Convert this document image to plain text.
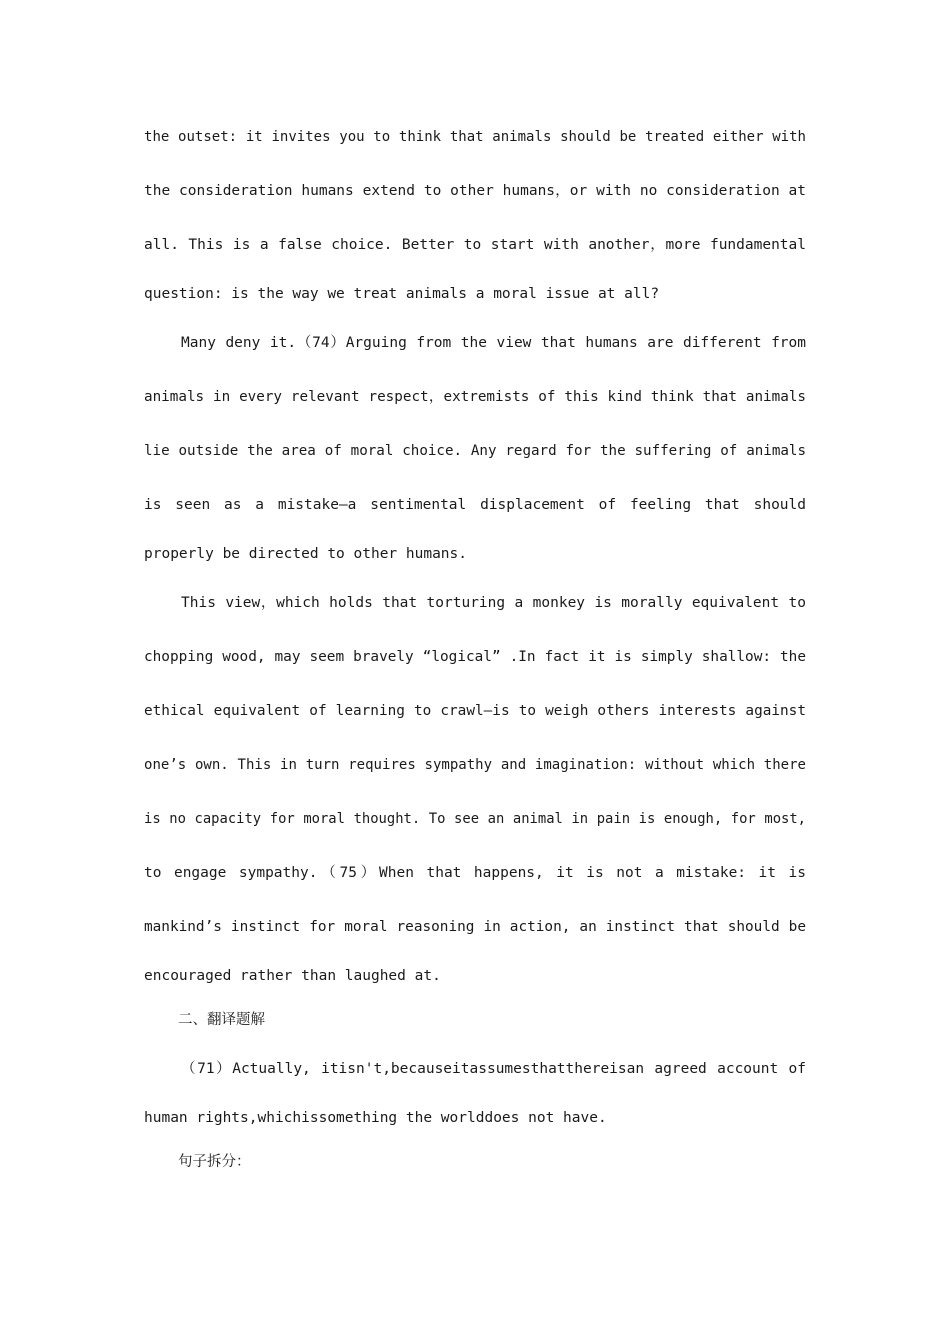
the outset: it invites you to think that animals should be treated either with
the consideration humans extend to other humans，or with no consideration at
all. This is a false choice. Better to start with another，more fundamental
question: is the way we treat animals a moral issue at all?
Many deny it.（74）Arguing from the view that humans are different from
animals in every relevant respect，extremists of this kind think that animals
lie outside the area of moral choice. Any regard for the suffering of animals
is seen as a mistake—a sentimental displacement of feeling that should
properly be directed to other humans.
This view，which holds that torturing a monkey is morally equivalent to
chopping wood, may seem bravely “logical” .In fact it is simply shallow: the
ethical equivalent of learning to crawl—is to weigh others interests against
one’s own. This in turn requires sympathy and imagination: without which there
is no capacity for moral thought. To see an animal in pain is enough, for most,
to engage sympathy.（75）When that happens, it is not a mistake: it is
mankind’s instinct for moral reasoning in action, an instinct that should be
encouraged rather than laughed at.
二、翻译题解
（71）Actually, itisn't,becauseitassumesthatthereisan agreed account of
human rights,whichissomething the worlddoes not have.
句子拆分：
